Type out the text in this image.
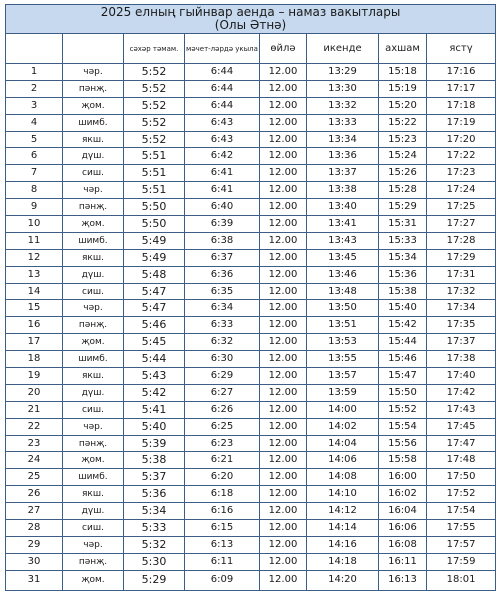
2025 елның гыйнвар аенда – намаз вакытлары
(Олы Әтнә)							

		сәхәр тәмам.	мәчет-ләрдә укыла	өйлә	икенде	ахшам	ястү
1	чәр.	5:52	6:44	12.00	13:29	15:18	17:16
2	пәнҗ.	5:52	6:44	12.00	13:30	15:19	17:17
3	җом.	5:52	6:44	12.00	13:32	15:20	17:18
4	шимб.	5:52	6:43	12.00	13:33	15:22	17:19
5	якш.	5:52	6:43	12.00	13:34	15:23	17:20
6	дүш.	5:51	6:42	12.00	13:36	15:24	17:22
7	сиш.	5:51	6:41	12.00	13:37	15:26	17:23
8	чәр.	5:51	6:41	12.00	13:38	15:28	17:24
9	пәнҗ.	5:50	6:40	12.00	13:40	15:29	17:25
10	җом.	5:50	6:39	12.00	13:41	15:31	17:27
11	шимб.	5:49	6:38	12.00	13:43	15:33	17:28
12	якш.	5:49	6:37	12.00	13:45	15:34	17:29
13	дүш.	5:48	6:36	12.00	13:46	15:36	17:31
14	сиш.	5:47	6:35	12.00	13:48	15:38	17:32
15	чәр.	5:47	6:34	12.00	13:50	15:40	17:34
16	пәнҗ.	5:46	6:33	12.00	13:51	15:42	17:35
17	җом.	5:45	6:32	12.00	13:53	15:44	17:37
18	шимб.	5:44	6:30	12.00	13:55	15:46	17:38
19	якш.	5:43	6:29	12.00	13:57	15:47	17:40
20	дүш.	5:42	6:27	12.00	13:59	15:50	17:42
21	сиш.	5:41	6:26	12.00	14:00	15:52	17:43
22	чәр.	5:40	6:25	12.00	14:02	15:54	17:45
23	пәнҗ.	5:39	6:23	12.00	14:04	15:56	17:47
24	җом.	5:38	6:21	12.00	14:06	15:58	17:48
25	шимб.	5:37	6:20	12.00	14:08	16:00	17:50
26	якш.	5:36	6:18	12.00	14:10	16:02	17:52
27	дүш.	5:34	6:16	12.00	14:12	16:04	17:54
28	сиш.	5:33	6:15	12.00	14:14	16:06	17:55
29	чәр.	5:32	6:13	12.00	14:16	16:08	17:57
30	пәнҗ.	5:30	6:11	12.00	14:18	16:11	17:59
31	җом.	5:29	6:09	12.00	14:20	16:13	18:01
